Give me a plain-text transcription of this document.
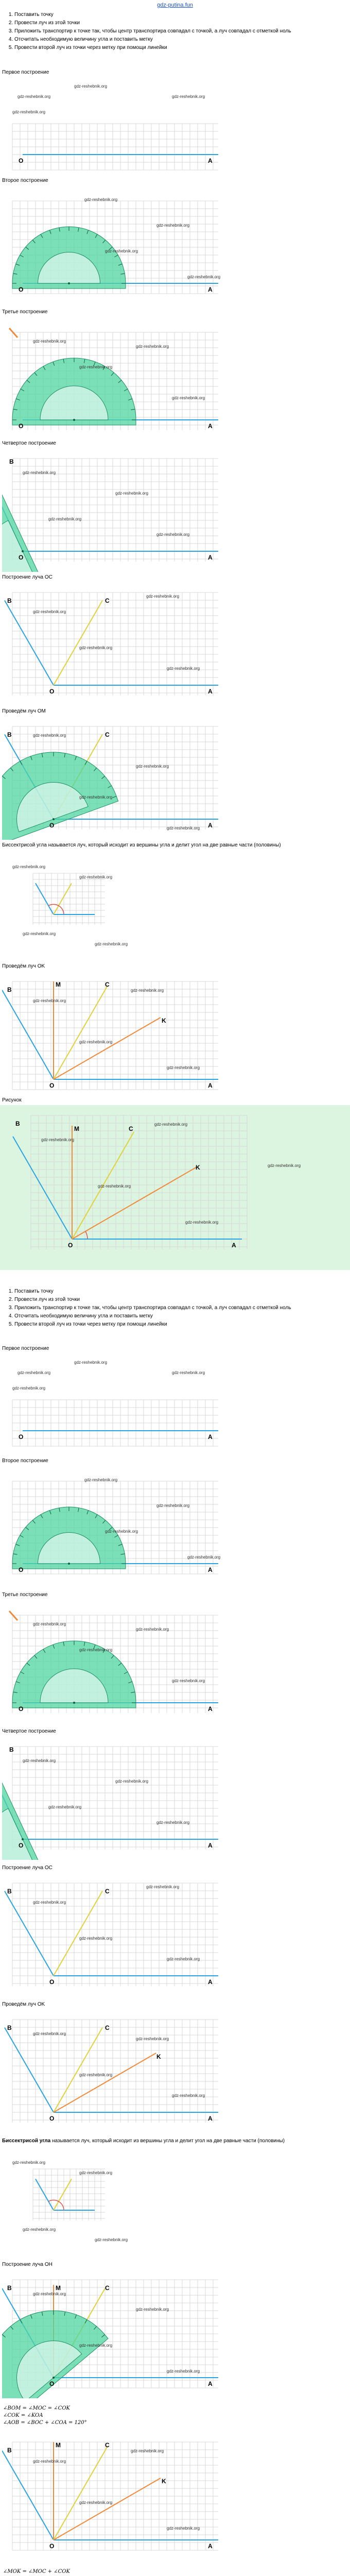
gdz-putina.fun
1. Поставить точку
2. Провести луч из этой точки
3. Приложить транспортир к точке так, чтобы центр транспортира совпадал с точкой, а луч совпадал с отметкой ноль
4. Отсчитать необходимую величину угла и поставить метку
5. Провести второй луч из точки через метку при помощи линейки
Первое построение
O	A
gdz-reshebnik.org
gdz-reshebnik.org
gdz-reshebnik.org
gdz-reshebnik.org
Второе построение
O	A
gdz-reshebnik.org
gdz-reshebnik.org
gdz-reshebnik.org
gdz-reshebnik.org
Третье построение
O	A
gdz-reshebnik.org
gdz-reshebnik.org
gdz-reshebnik.org
gdz-reshebnik.org
Четвертое построение
B
O	A
gdz-reshebnik.org
gdz-reshebnik.org
gdz-reshebnik.org
gdz-reshebnik.org
Построение луча OC
B	C
O	A
gdz-reshebnik.org
gdz-reshebnik.org
gdz-reshebnik.org
gdz-reshebnik.org
Проведём луч OM
B	C
O	A
gdz-reshebnik.org
gdz-reshebnik.org
gdz-reshebnik.org
gdz-reshebnik.org
Биссектрисой угла называется луч, который исходит из вершины угла и делит угол на две равные части (половины)
gdz-reshebnik.org
gdz-reshebnik.org
gdz-reshebnik.org
gdz-reshebnik.org
Проведём луч OK
B
M	C
K
O	A
gdz-reshebnik.org
gdz-reshebnik.org
gdz-reshebnik.org
gdz-reshebnik.org
Рисунок
B
M	C
K
O	A
gdz-reshebnik.org
gdz-reshebnik.org
gdz-reshebnik.org
gdz-reshebnik.org
gdz-reshebnik.org
1. Поставить точку
2. Провести луч из этой точки
3. Приложить транспортир к точке так, чтобы центр транспортира совпадал с точкой, а луч совпадал с отметкой ноль
4. Отсчитать необходимую величину угла и поставить метку
5. Провести второй луч из точки через метку при помощи линейки
Первое построение
O	A
gdz-reshebnik.org
gdz-reshebnik.org
gdz-reshebnik.org
gdz-reshebnik.org
Второе построение
O	A
gdz-reshebnik.org
gdz-reshebnik.org
gdz-reshebnik.org
gdz-reshebnik.org
Третье построение
O	A
gdz-reshebnik.org
gdz-reshebnik.org
gdz-reshebnik.org
gdz-reshebnik.org
Четвертое построение
B
O	A
gdz-reshebnik.org
gdz-reshebnik.org
gdz-reshebnik.org
gdz-reshebnik.org
Построение луча OC
B	C
O	A
gdz-reshebnik.org
gdz-reshebnik.org
gdz-reshebnik.org
gdz-reshebnik.org
Проведём луч OK
B	C
K
O	A
gdz-reshebnik.org
gdz-reshebnik.org
gdz-reshebnik.org
gdz-reshebnik.org
Биссектрисой угла называется луч, который исходит из вершины угла и делит угол на две равные части (половины)
gdz-reshebnik.org
gdz-reshebnik.org
gdz-reshebnik.org
gdz-reshebnik.org
Построение луча OH
B	M	C
O	A
gdz-reshebnik.org
gdz-reshebnik.org
gdz-reshebnik.org
gdz-reshebnik.org
∠BOM = ∠MOC = ∠COK
∠COK = ∠KOA
∠AOB = ∠BOC + ∠COA = 120°
B
M	C
K
O	A
gdz-reshebnik.org
gdz-reshebnik.org
gdz-reshebnik.org
gdz-reshebnik.org
∠MOK = ∠MOC + ∠COK
